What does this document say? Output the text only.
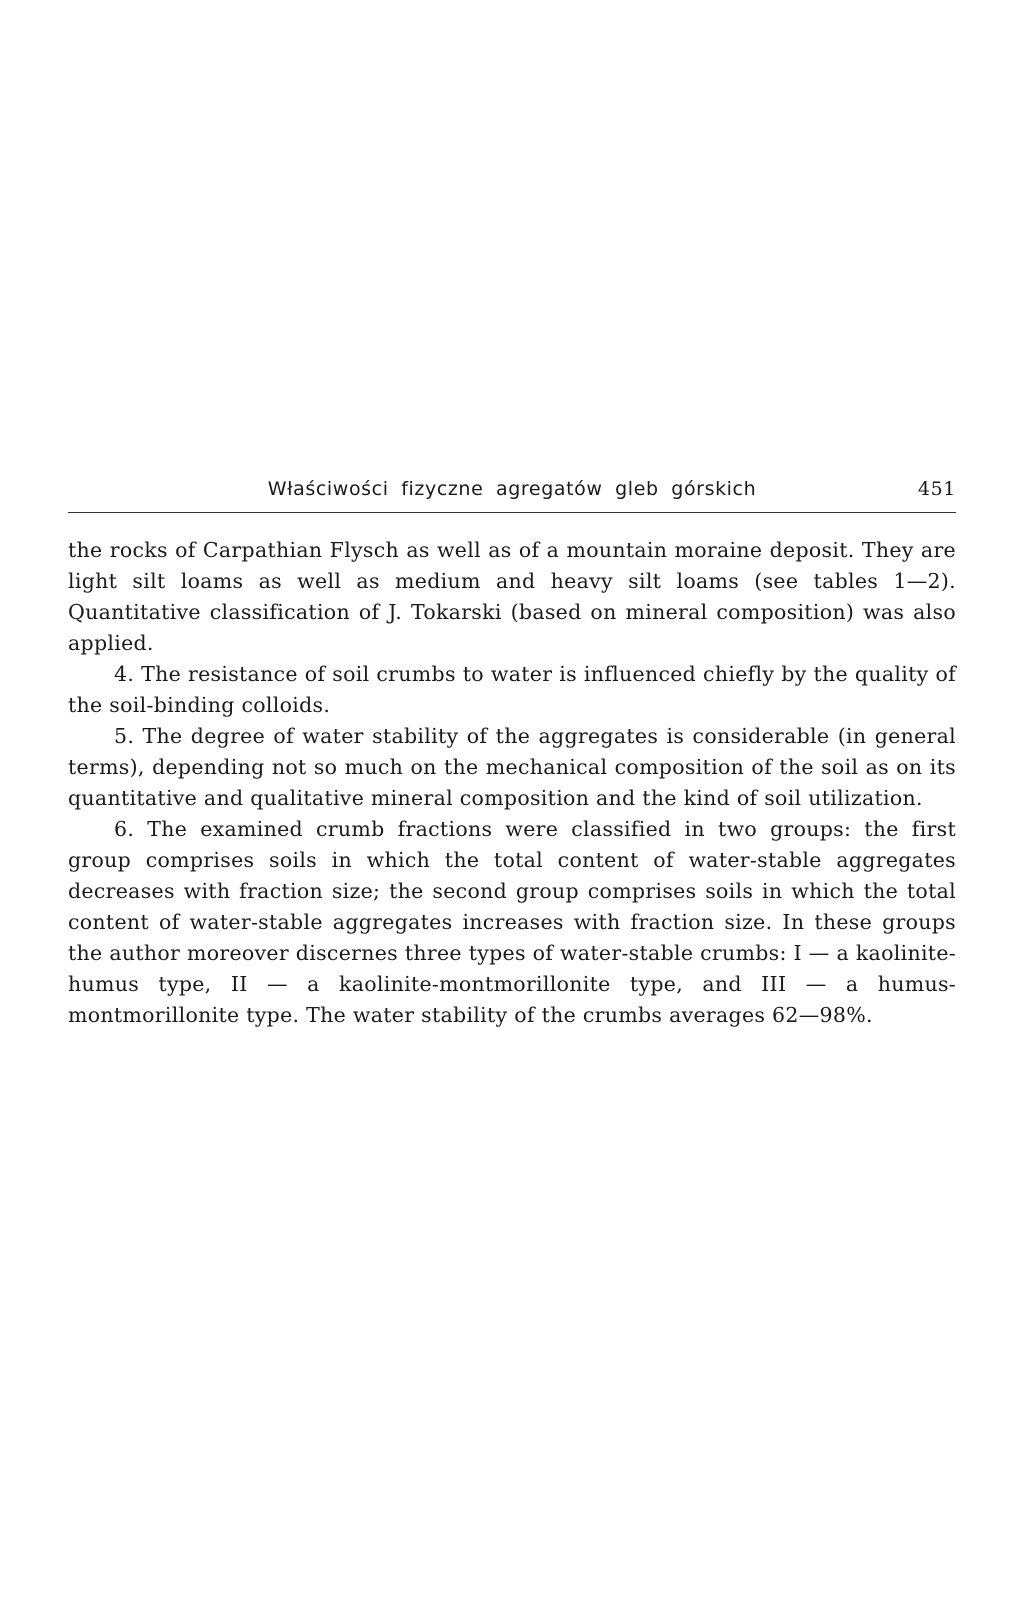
Właściwości fizyczne agregatów gleb górskich	451

the rocks of Carpathian Flysch as well as of a mountain moraine deposit. They are light silt loams as well as medium and heavy silt loams (see tables 1—2). Quantitative classification of J. Tokarski (based on mineral composition) was also applied.

4. The resistance of soil crumbs to water is influenced chiefly by the quality of the soil-binding colloids.

5. The degree of water stability of the aggregates is considerable (in general terms), depending not so much on the mechanical composition of the soil as on its quantitative and qualitative mineral composition and the kind of soil utilization.

6. The examined crumb fractions were classified in two groups: the first group comprises soils in which the total content of water-stable aggregates decreases with fraction size; the second group comprises soils in which the total content of water-stable aggregates increases with fraction size. In these groups the author moreover discernes three types of water-stable crumbs: I — a kaolinite-humus type, II — a kaolinite-montmorillonite type, and III — a humus-montmorillonite type. The water stability of the crumbs averages 62—98%.
